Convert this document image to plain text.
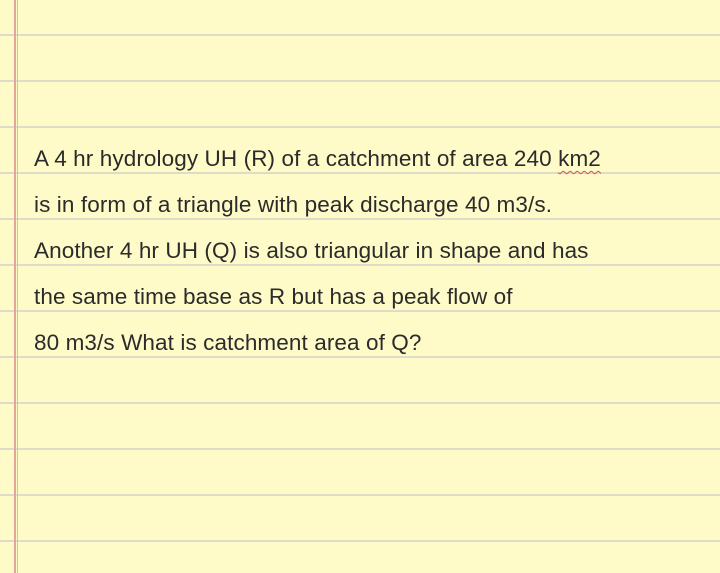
A 4 hr hydrology UH (R) of a catchment of area 240 km2
is in form of a triangle with peak discharge 40 m3/s.
Another 4 hr UH (Q) is also triangular in shape and has
the same time base as R but has a peak flow of
80 m3/s What is catchment area of Q?
